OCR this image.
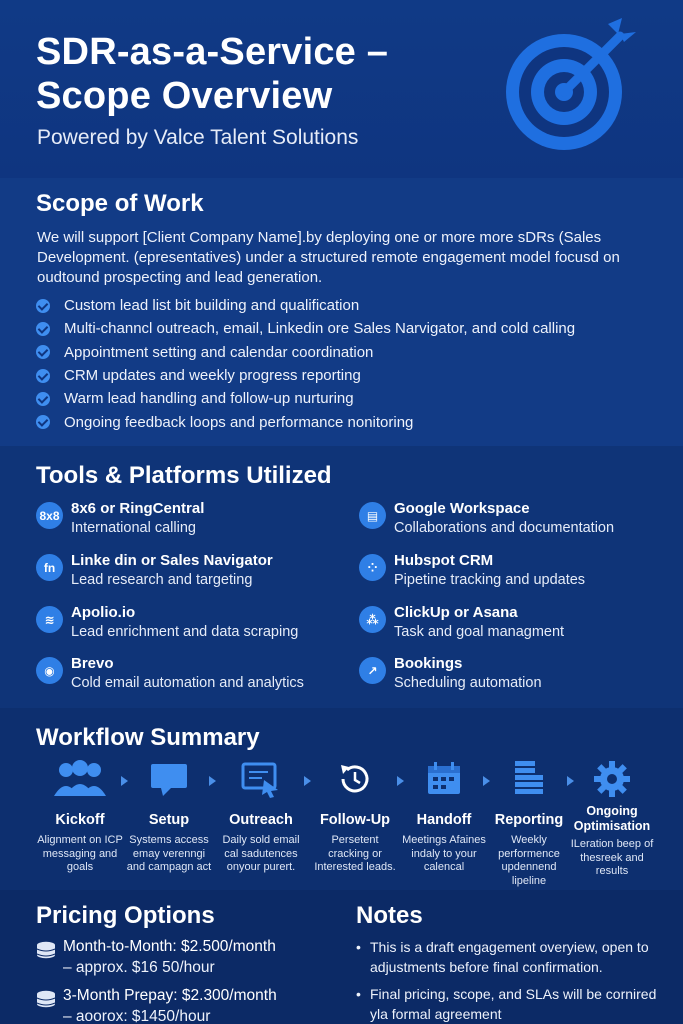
SDR-as-a-Service – Scope Overview
Powered by Valce Talent Solutions
Scope of Work
We will support [Client Company Name].by deploying one or more more sDRs (Sales Development. (epresentatives) under a structured remote engagement model focusd on oudtound prospecting and lead generation.
Custom lead list bit building and qualification
Multi-channcl outreach, email, Linkedin ore Sales Narvigator, and cold calling
Appointment setting and calendar coordination
CRM updates and weekly progress reporting
Warm lead handling and follow-up nurturing
Ongoing feedback loops and performance nonitoring
Tools & Platforms Utilized
8x8 8x6 or RingCentral
International calling
▤	Google Workspace
Collaborations and documentation
fn	Linke din or Sales Navigator
Lead research and targeting
⁘	Hubspot CRM
Pipetine tracking and updates
≋	Apolio.io
Lead enrichment and data scraping
⁂	ClickUp or Asana
Task and goal managment
◉	Brevo
Cold email automation and analytics
↗	Bookings
Scheduling automation
Workflow Summary
Kickoff
Alignment on ICP messaging and goals
Setup
Systems access emay verenngi and campagn act
Outreach
Daily sold email cal sadutences onyour purert.
Follow-Up
Persetent cracking or Interested leads.
Handoff
Meetings Afaines indaly to your calencal
Reporting
Weekly performence updennend lipeline
Ongoing Optimisation
ILeration beep of thesreek and results
Pricing Options
Month-to-Month: $2.500/month
– approx. $16 50/hour
3-Month Prepay: $2.300/month
– aoorox: $1450/hour
Notes
• This is a draft engagement overyiew, open to adjustments before final confirmation.
• Final pricing, scope, and SLAs will be cornired yla formal agreement
